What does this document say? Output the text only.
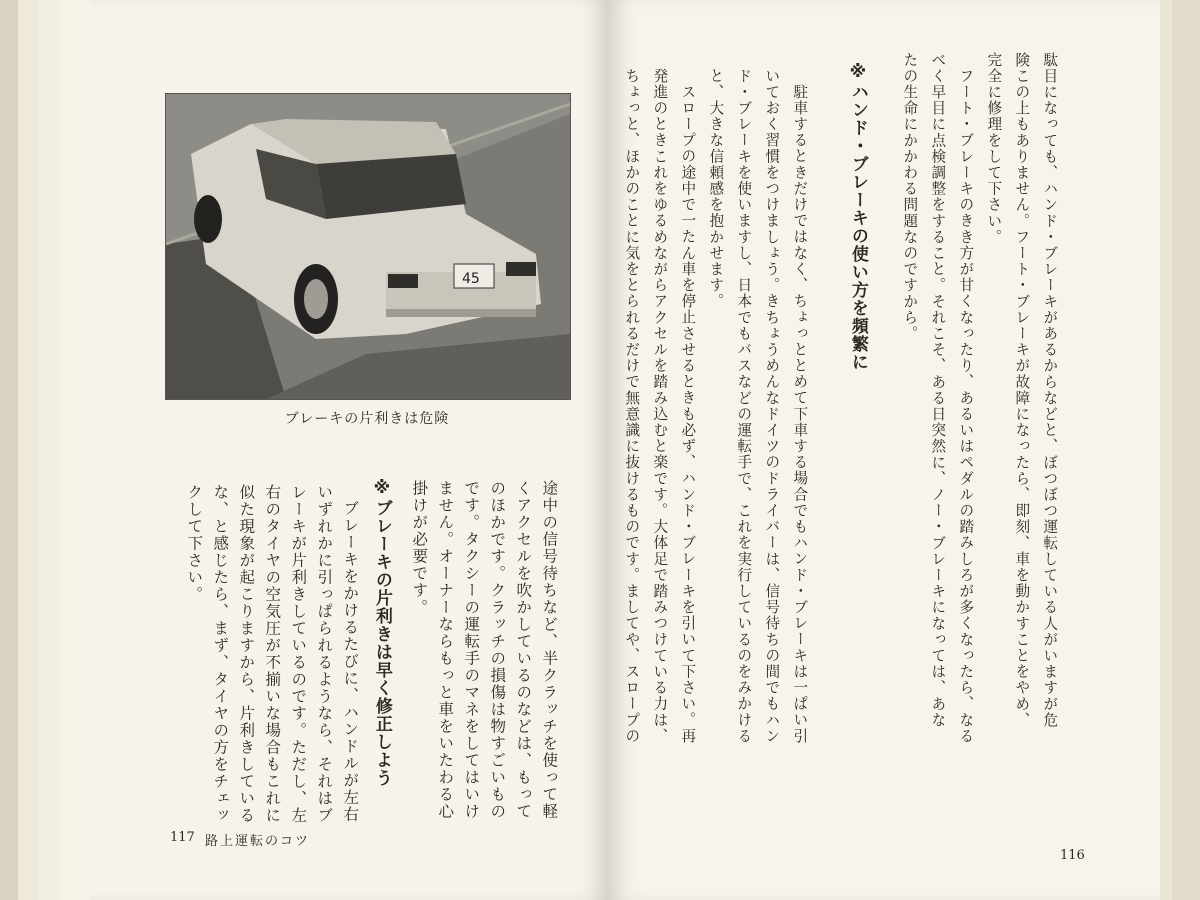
45
ブレーキの片利きは危険
※ブレーキの片利きは早く修正しよう	途中の信号待ちなど、半クラッチを使って軽
くアクセルを吹かしているのなどは、もって
のほかです。クラッチの損傷は物すごいもの
です。タクシーの運転手のマネをしてはいけ
ません。オーナーならもっと車をいたわる心
掛けが必要です。
ブレーキをかけるたびに、ハンドルが左右
いずれかに引っぱられるようなら、それはブ
レーキが片利きしているのです。ただし、左
右のタイヤの空気圧が不揃いな場合もこれに
似た現象が起こりますから、片利きしている
な、と感じたら、まず、タイヤの方をチェッ
クして下さい。
117 路上運転のコツ
駄目になっても、ハンド・ブレーキがあるからなどと、ぼつぼつ運転している人がいますが危
険この上もありません。フート・ブレーキが故障になったら、即刻、車を動かすことをやめ、
完全に修理をして下さい。
フート・ブレーキのきき方が甘くなったり、あるいはペダルの踏みしろが多くなったら、なる
べく早目に点検調整をすること。それこそ、ある日突然に、ノー・ブレーキになっては、あな
たの生命にかかわる問題なのですから。
※ハンド・ブレーキの使い方を頻繁に
駐車するときだけではなく、ちょっととめて下車する場合でもハンド・ブレーキは一ぱい引
いておく習慣をつけましょう。きちょうめんなドイツのドライバーは、信号待ちの間でもハン
ド・ブレーキを使いますし、日本でもバスなどの運転手で、これを実行しているのをみかける
と、大きな信頼感を抱かせます。
スロープの途中で一たん車を停止させるときも必ず、ハンド・ブレーキを引いて下さい。再
発進のときこれをゆるめながらアクセルを踏み込むと楽です。大体足で踏みつけている力は、
ちょっと、ほかのことに気をとられるだけで無意識に抜けるものです。ましてや、スロープの
116
